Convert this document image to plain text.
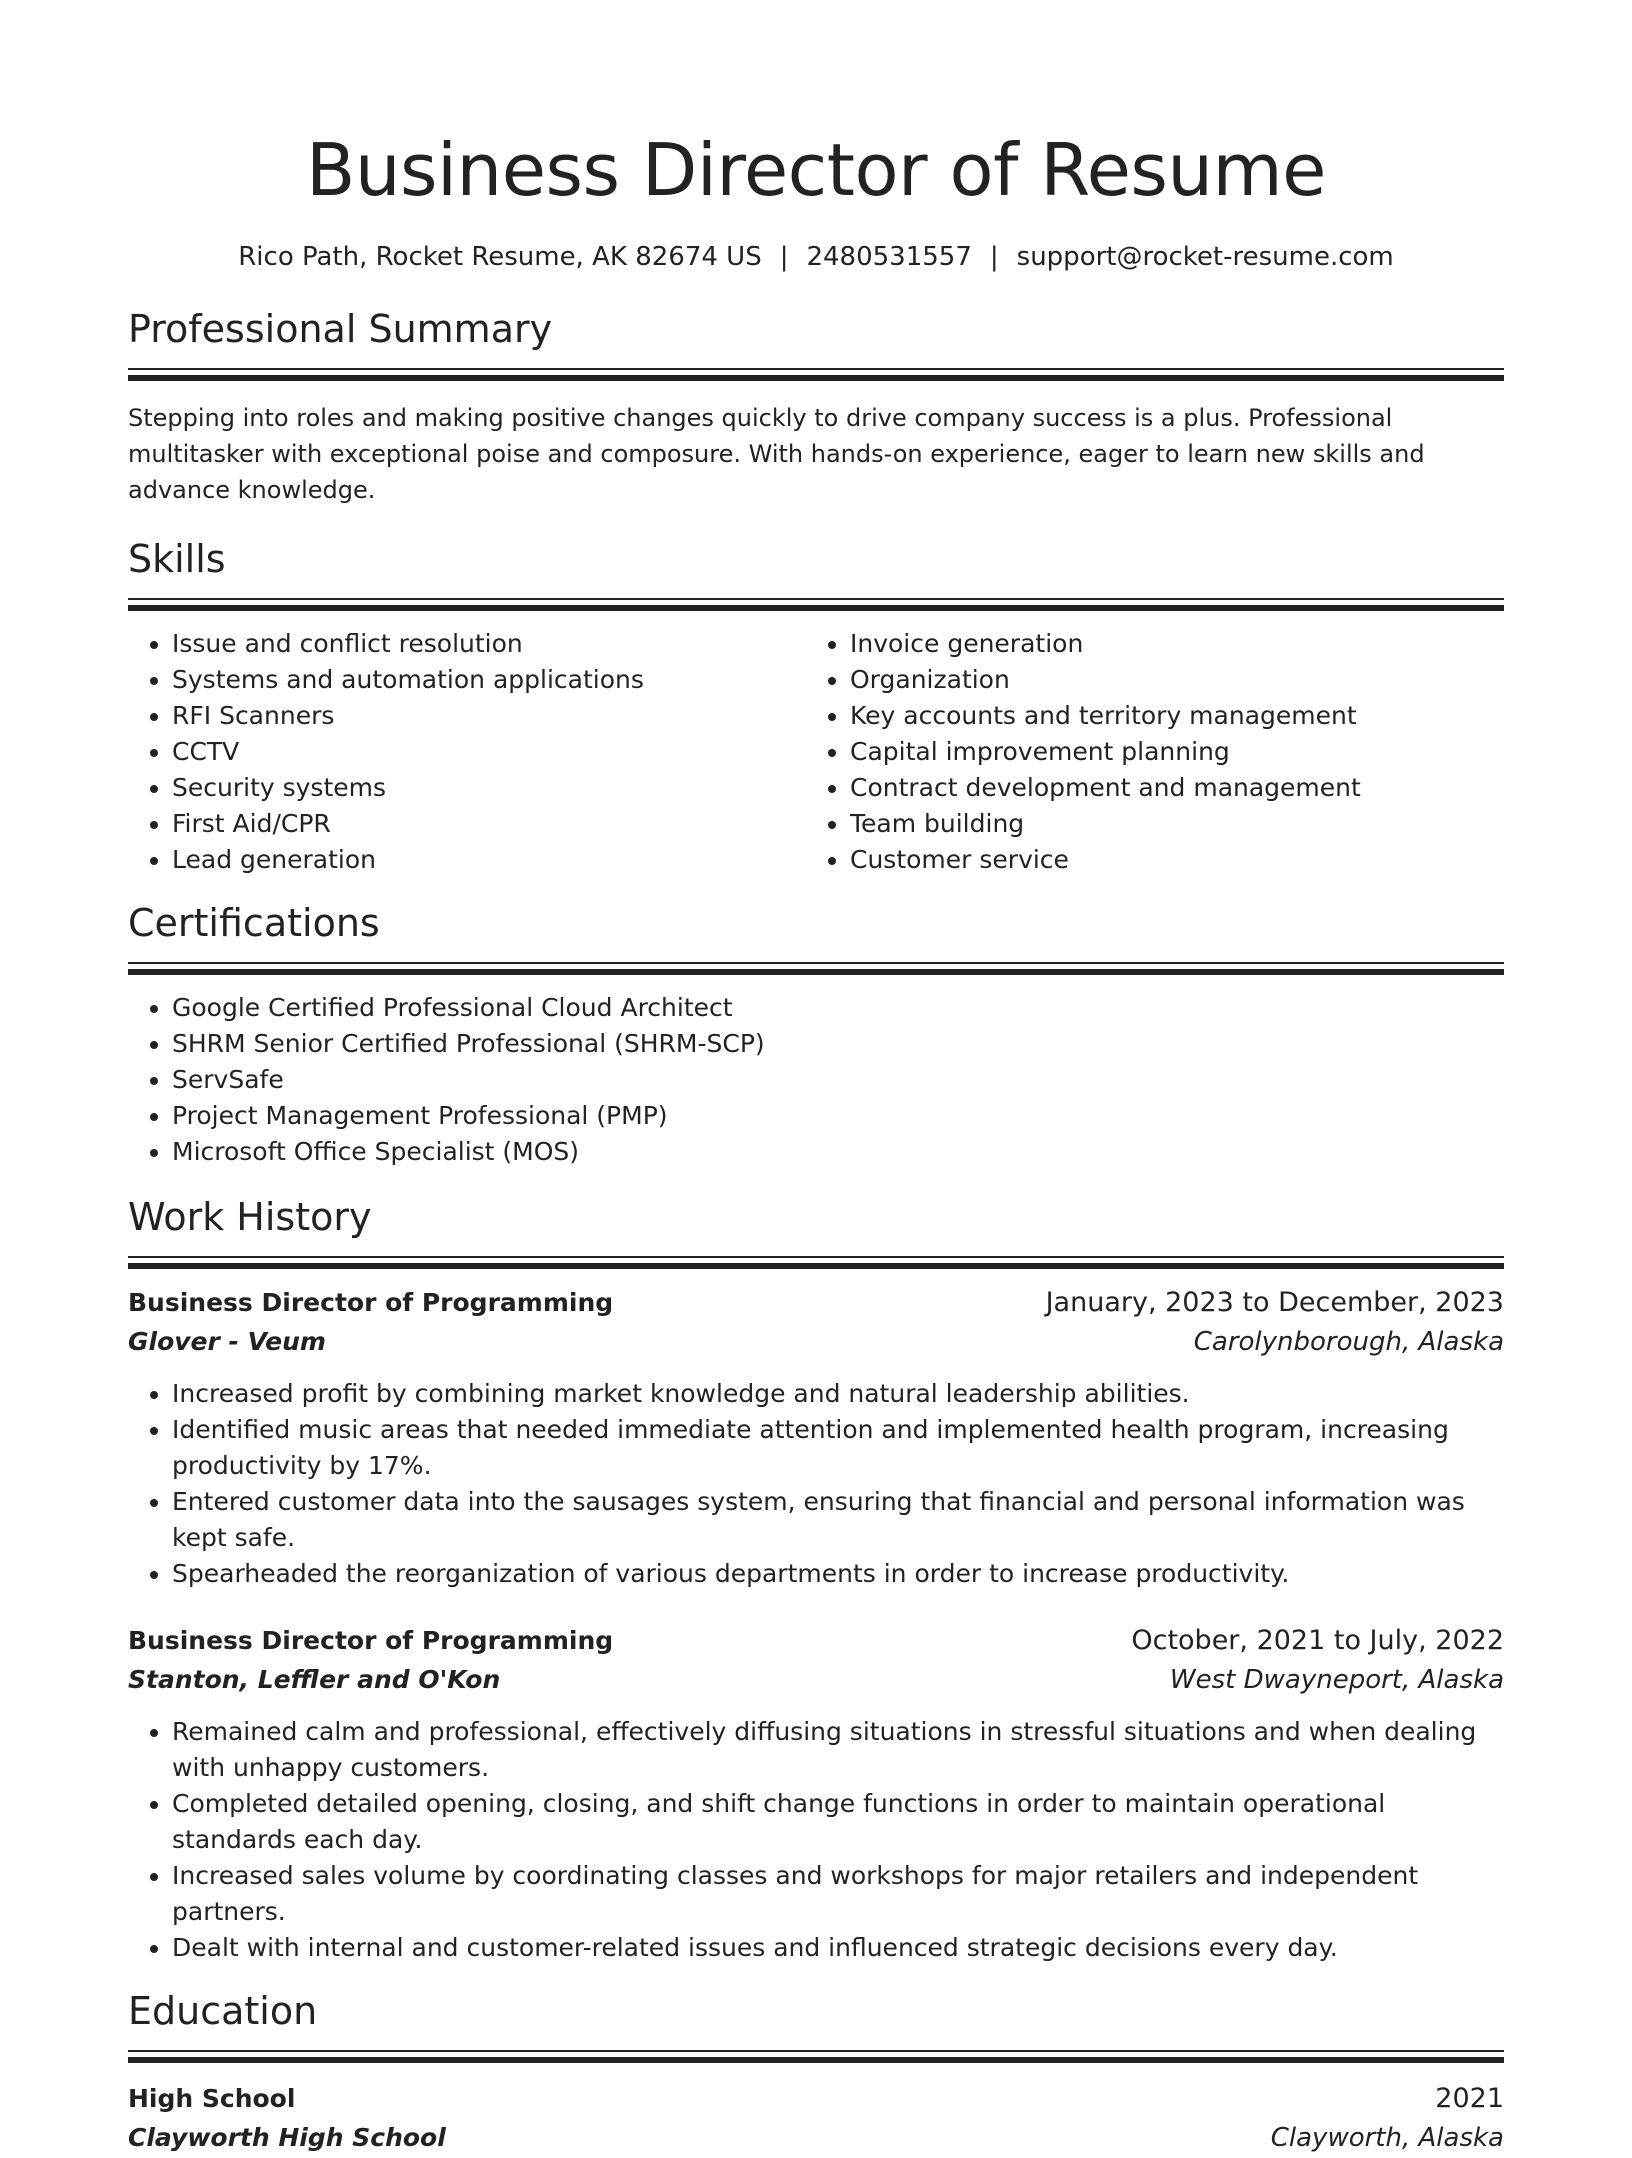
Business Director of Resume
Rico Path, Rocket Resume, AK 82674 US | 2480531557 | support@rocket-resume.com
Professional Summary
Stepping into roles and making positive changes quickly to drive company success is a plus. Professional multitasker with exceptional poise and composure. With hands-on experience, eager to learn new skills and advance knowledge.
Skills
• Issue and conflict resolution
• Systems and automation applications
• RFI Scanners
• CCTV
• Security systems
• First Aid/CPR
• Lead generation
• Invoice generation
• Organization
• Key accounts and territory management
• Capital improvement planning
• Contract development and management
• Team building
• Customer service
Certifications
• Google Certified Professional Cloud Architect
• SHRM Senior Certified Professional (SHRM-SCP)
• ServSafe
• Project Management Professional (PMP)
• Microsoft Office Specialist (MOS)
Work History
Business Director of Programming	January, 2023 to December, 2023
Glover - Veum	Carolynborough, Alaska
• Increased profit by combining market knowledge and natural leadership abilities.
• Identified music areas that needed immediate attention and implemented health program, increasing productivity by 17%.
• Entered customer data into the sausages system, ensuring that financial and personal information was kept safe.
• Spearheaded the reorganization of various departments in order to increase productivity.
Business Director of Programming	October, 2021 to July, 2022
Stanton, Leffler and O'Kon	West Dwayneport, Alaska
• Remained calm and professional, effectively diffusing situations in stressful situations and when dealing with unhappy customers.
• Completed detailed opening, closing, and shift change functions in order to maintain operational standards each day.
• Increased sales volume by coordinating classes and workshops for major retailers and independent partners.
• Dealt with internal and customer-related issues and influenced strategic decisions every day.
Education
High School	2021
Clayworth High School	Clayworth, Alaska
